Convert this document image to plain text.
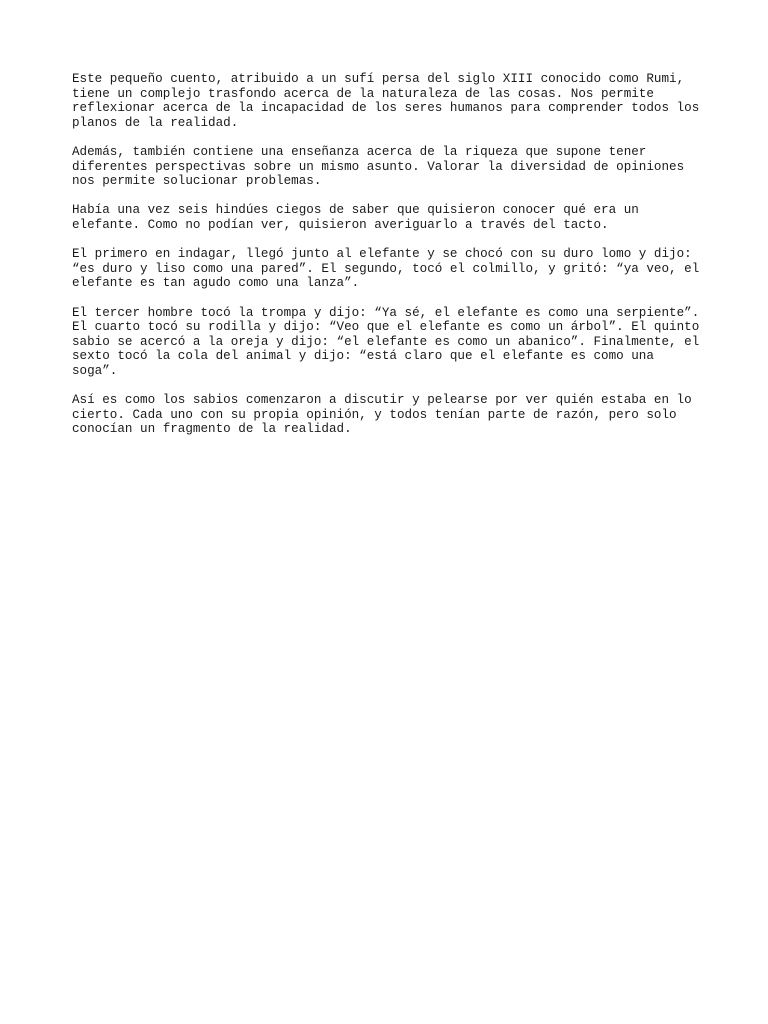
Este pequeño cuento, atribuido a un sufí persa del siglo XIII conocido como Rumi,
tiene un complejo trasfondo acerca de la naturaleza de las cosas. Nos permite
reflexionar acerca de la incapacidad de los seres humanos para comprender todos los
planos de la realidad.
Además, también contiene una enseñanza acerca de la riqueza que supone tener
diferentes perspectivas sobre un mismo asunto. Valorar la diversidad de opiniones
nos permite solucionar problemas.
Había una vez seis hindúes ciegos de saber que quisieron conocer qué era un
elefante. Como no podían ver, quisieron averiguarlo a través del tacto.
El primero en indagar, llegó junto al elefante y se chocó con su duro lomo y dijo:
“es duro y liso como una pared”. El segundo, tocó el colmillo, y gritó: “ya veo, el
elefante es tan agudo como una lanza”.
El tercer hombre tocó la trompa y dijo: “Ya sé, el elefante es como una serpiente”.
El cuarto tocó su rodilla y dijo: “Veo que el elefante es como un árbol”. El quinto
sabio se acercó a la oreja y dijo: “el elefante es como un abanico”. Finalmente, el
sexto tocó la cola del animal y dijo: “está claro que el elefante es como una
soga”.
Así es como los sabios comenzaron a discutir y pelearse por ver quién estaba en lo
cierto. Cada uno con su propia opinión, y todos tenían parte de razón, pero solo
conocían un fragmento de la realidad.
